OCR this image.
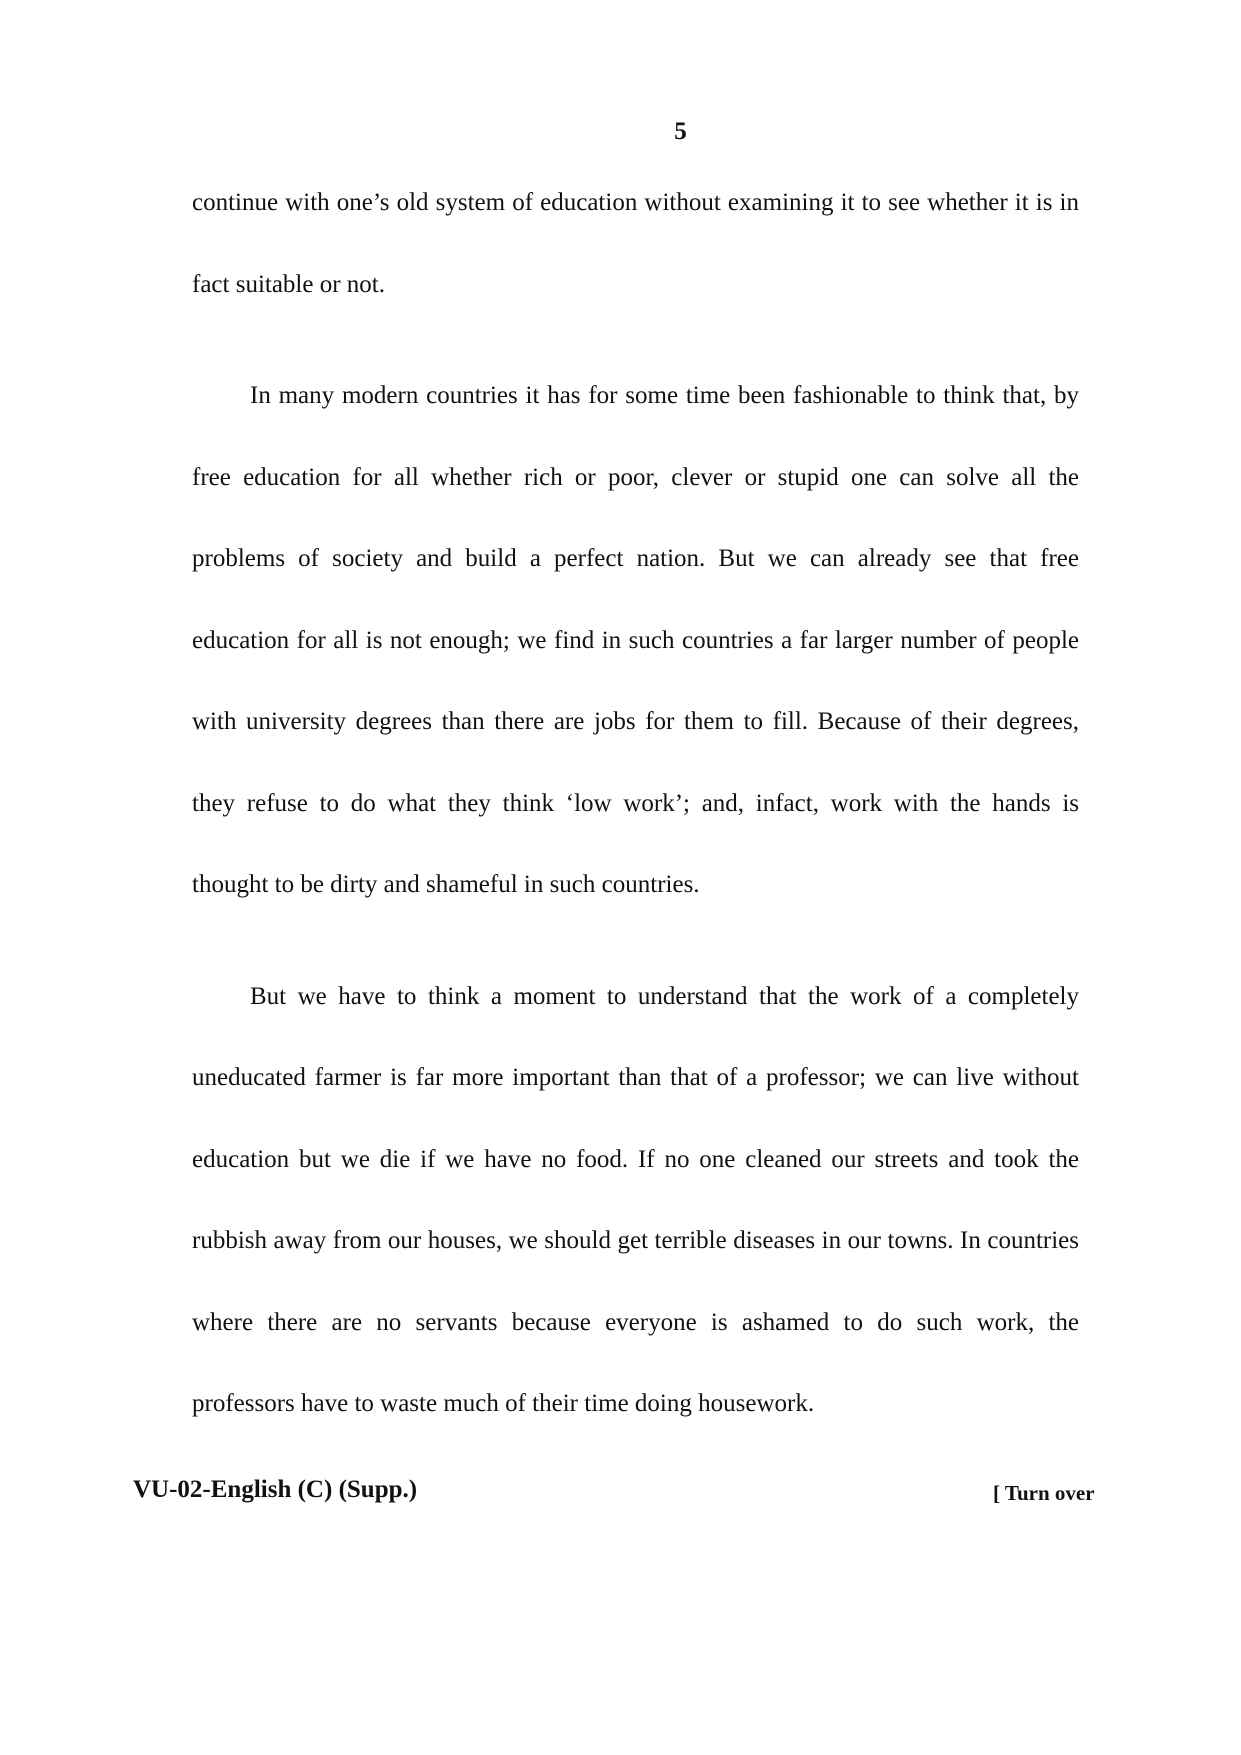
5

continue with one’s old system of education without examining it to see whether it is in fact suitable or not.

In many modern countries it has for some time been fashionable to think that, by free education for all whether rich or poor, clever or stupid one can solve all the problems of society and build a perfect nation. But we can already see that free education for all is not enough; we find in such countries a far larger number of people with university degrees than there are jobs for them to fill. Because of their degrees, they refuse to do what they think ‘low work’; and, infact, work with the hands is thought to be dirty and shameful in such countries.

But we have to think a moment to understand that the work of a completely uneducated farmer is far more important than that of a professor; we can live without education but we die if we have no food. If no one cleaned our streets and took the rubbish away from our houses, we should get terrible diseases in our towns. In countries where there are no servants because everyone is ashamed to do such work, the professors have to waste much of their time doing housework.

VU-02-English (C) (Supp.)	[ Turn over
